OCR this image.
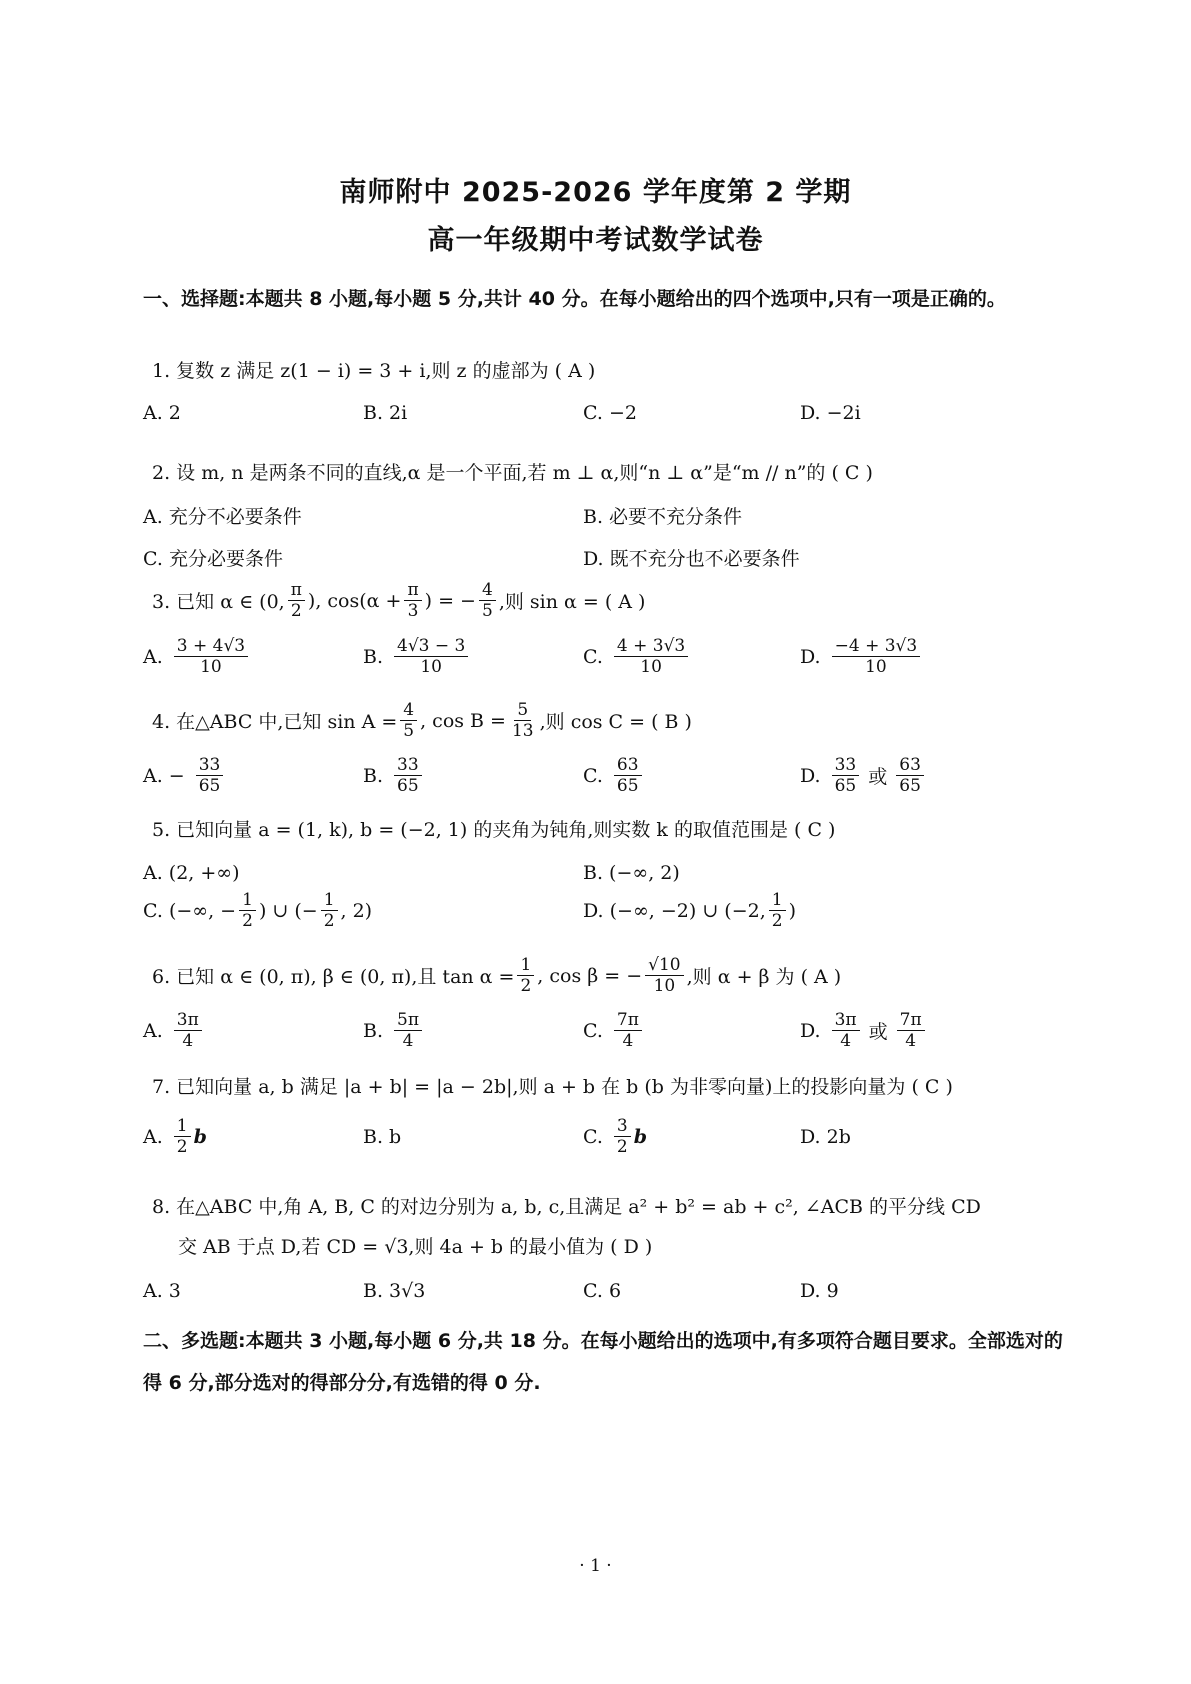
南师附中 2025-2026 学年度第 2 学期
高一年级期中考试数学试卷
一、选择题:本题共 8 小题,每小题 5 分,共计 40 分。在每小题给出的四个选项中,只有一项是正确的。
1. 复数 z 满足 z(1 − i) = 3 + i,则 z 的虚部为 ( A )
A. 2	B. 2i	C. −2	D. −2i
2. 设 m, n 是两条不同的直线,α 是一个平面,若 m ⊥ α,则“n ⊥ α”是“m // n”的 ( C )
A. 充分不必要条件	B. 必要不充分条件
C. 充分必要条件	D. 既不充分也不必要条件
3. 已知 α ∈ (0, $\frac{\pi}{2}$ ), $\cos(\alpha + \frac{\pi}{3}$ ) = − $\frac{4}{5}$ ,则 sin α = ( A )
A. $\frac{3 + 4√3}{10}$	B. $\frac{4√3 - 3}{10}$	C. $\frac{4 + 3√3}{10}$	D. $\frac{-4 + 3√3}{10}$
4. 在△ABC 中,已知 $\sin A = \frac{4}{5}$ , $\cos B = \frac{5}{13}$ ,则 cos C = ( B )
A. − $\frac{33}{65}$	B. $\frac{33}{65}$	C. $\frac{63}{65}$	D. $\frac{33}{65}$ 或 $\frac{63}{65}$
5. 已知向量 a = (1, k), b = (−2, 1) 的夹角为钝角,则实数 k 的取值范围是 ( C )
A. (2, +∞)	B. (−∞, 2)
C. (−∞, − $\frac{1}{2}$ ) ∪ (− $\frac{1}{2}$ , 2)	D. (−∞, −2) ∪ (−2, $\frac{1}{2}$ )
6. 已知 α ∈ (0, π), β ∈ (0, π),且 $\tan \alpha = \frac{1}{2}$ , cos β = − $\frac{√10}{10}$ ,则 α + β 为 ( A )
A. $\frac{3\pi}{4}$	B. $\frac{5\pi}{4}$	C. $\frac{7\pi}{4}$	D. $\frac{3\pi}{4}$ 或 $\frac{7\pi}{4}$
7. 已知向量 a, b 满足 |a + b| = |a − 2b|,则 a + b 在 b (b 为非零向量)上的投影向量为 ( C )
A. $\frac{1}{2}$ b	B. b	C. $\frac{3}{2}$ b	D. 2b
8. 在△ABC 中,角 A, B, C 的对边分别为 a, b, c,且满足 a² + b² = ab + c², ∠ACB 的平分线 CD
交 AB 于点 D,若 CD = √3,则 4a + b 的最小值为 ( D )
A. 3	B. 3√3	C. 6	D. 9
二、多选题:本题共 3 小题,每小题 6 分,共 18 分。在每小题给出的选项中,有多项符合题目要求。全部选对的得 6 分,部分选对的得部分分,有选错的得 0 分.
· 1 ·
